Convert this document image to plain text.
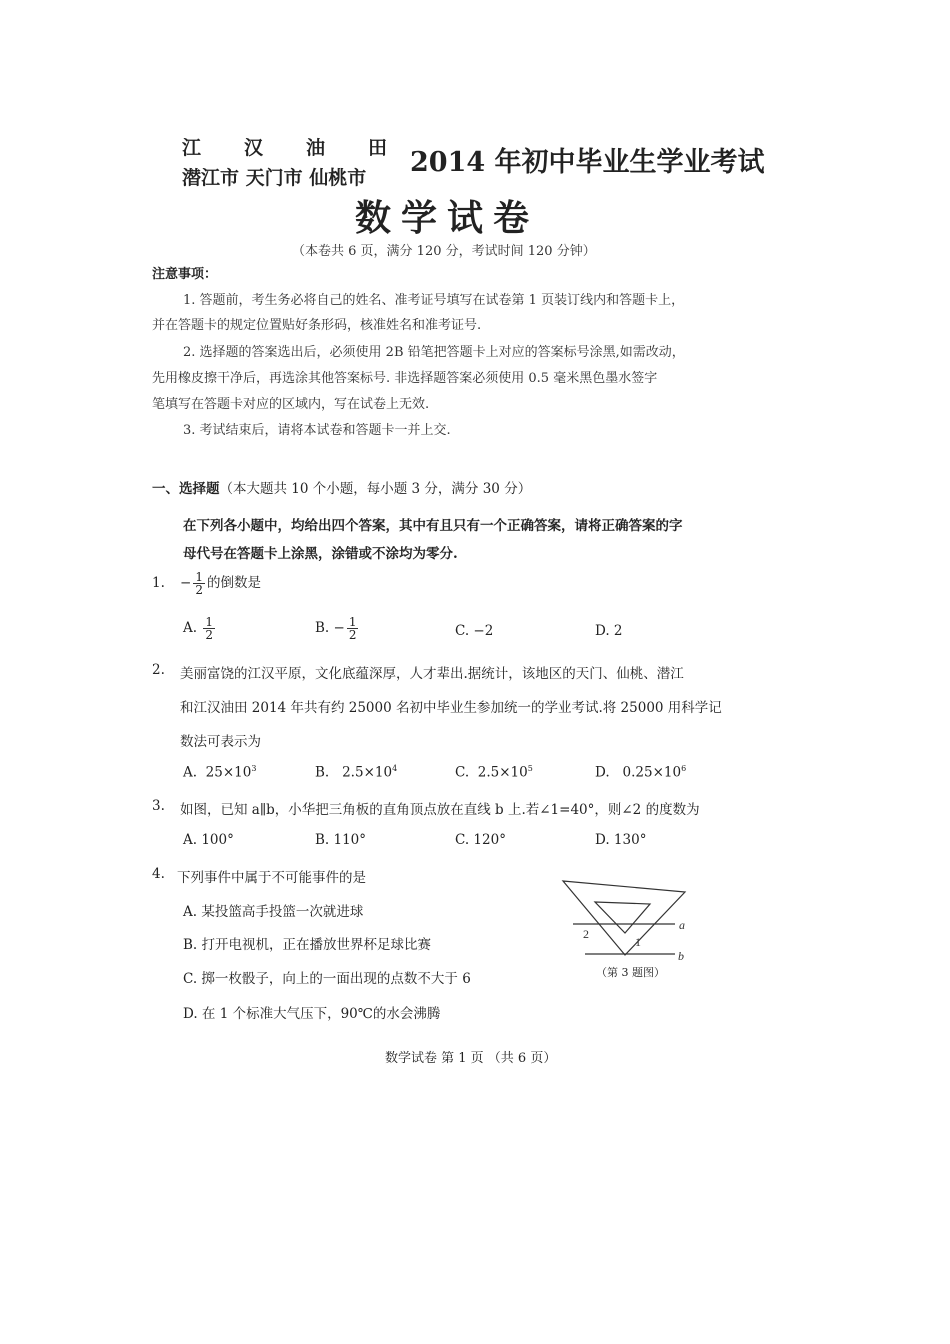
江 汉 油 田
潜江市 天门市 仙桃市 2014 年初中毕业生学业考试
数学试卷
（本卷共 6 页，满分 120 分，考试时间 120 分钟）
注意事项：
1. 答题前，考生务必将自己的姓名、准考证号填写在试卷第 1 页装订线内和答题卡上，
并在答题卡的规定位置贴好条形码，核准姓名和准考证号.
2. 选择题的答案选出后，必须使用 2B 铅笔把答题卡上对应的答案标号涂黑,如需改动，
先用橡皮擦干净后，再选涂其他答案标号. 非选择题答案必须使用 0.5 毫米黑色墨水签字
笔填写在答题卡对应的区域内，写在试卷上无效.
3. 考试结束后，请将本试卷和答题卡一并上交.
一、选择题（本大题共 10 个小题，每小题 3 分，满分 30 分）
在下列各小题中，均给出四个答案，其中有且只有一个正确答案，请将正确答案的字
母代号在答题卡上涂黑，涂错或不涂均为零分.
1. − $\frac{1}{2}$ 的倒数是
A. $\frac{1}{2}$	B. − $\frac{1}{2}$	C. −2	D. 2
2. 美丽富饶的江汉平原，文化底蕴深厚，人才辈出.据统计，该地区的天门、仙桃、潜江
和江汉油田 2014 年共有约 25000 名初中毕业生参加统一的学业考试.将 25000 用科学记
数法可表示为
A. $25\times 10^3$	B. $2.5\times 10^4$	C. $2.5\times 10^5$	D. $0.25\times 10^6$
3. 如图，已知 a∥b，小华把三角板的直角顶点放在直线 b 上.若∠1=40°，则∠2 的度数为
A. 100°	B. 110°	C. 120°	D. 130°
4. 下列事件中属于不可能事件的是
A. 某投篮高手投篮一次就进球
B. 打开电视机，正在播放世界杯足球比赛
C. 掷一枚骰子，向上的一面出现的点数不大于 6
D. 在 1 个标准大气压下，90℃的水会沸腾
a
b
1
2
（第 3 题图）
数学试卷 第 1 页 （共 6 页）
